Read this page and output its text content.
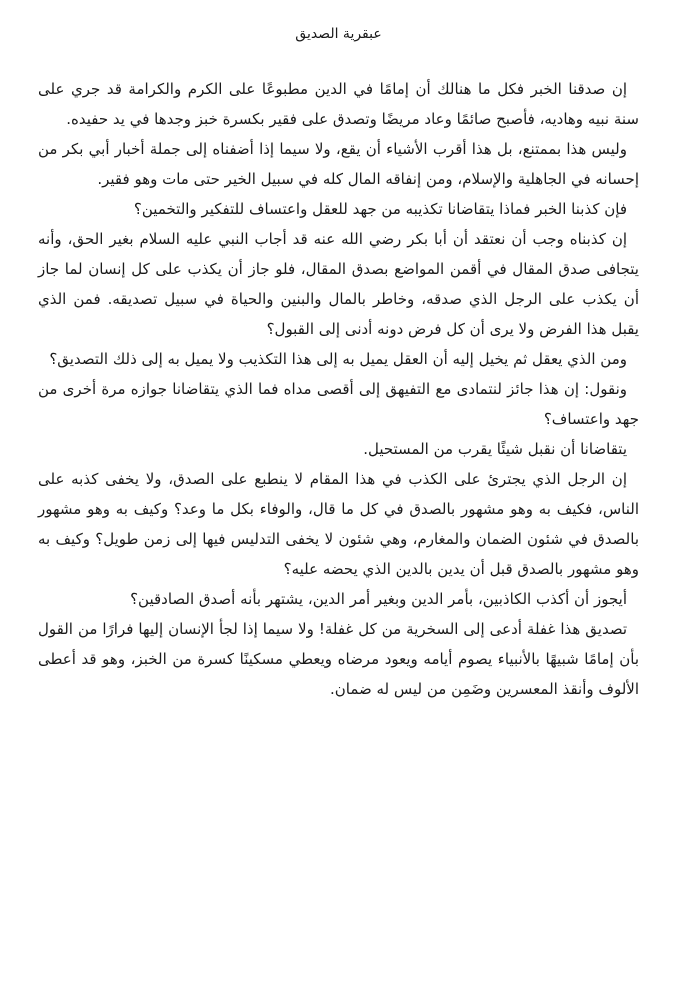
عبقرية الصديق

إن صدقنا الخبر فكل ما هنالك أن إمامًا في الدين مطبوعًا على الكرم والكرامة قد جري على سنة نبيه وهاديه، فأصبح صائمًا وعاد مريضًا وتصدق على فقير بكسرة خبز وجدها في يد حفيده.

وليس هذا بممتنع، بل هذا أقرب الأشياء أن يقع، ولا سيما إذا أضفناه إلى جملة أخبار أبي بكر من إحسانه في الجاهلية والإسلام، ومن إنفاقه المال كله في سبيل الخير حتى مات وهو فقير.

فإن كذبنا الخبر فماذا يتقاضانا تكذيبه من جهد للعقل واعتساف للتفكير والتخمين؟

إن كذبناه وجب أن نعتقد أن أبا بكر رضي الله عنه قد أجاب النبي عليه السلام بغير الحق، وأنه يتجافى صدق المقال في أقمن المواضع بصدق المقال، فلو جاز أن يكذب على كل إنسان لما جاز أن يكذب على الرجل الذي صدقه، وخاطر بالمال والبنين والحياة في سبيل تصديقه. فمن الذي يقبل هذا الفرض ولا يرى أن كل فرض دونه أدنى إلى القبول؟

ومن الذي يعقل ثم يخيل إليه أن العقل يميل به إلى هذا التكذيب ولا يميل به إلى ذلك التصديق؟

ونقول: إن هذا جائز لنتمادى مع التفيهق إلى أقصى مداه فما الذي يتقاضانا جوازه مرة أخرى من جهد واعتساف؟

يتقاضانا أن نقبل شيئًا يقرب من المستحيل.

إن الرجل الذي يجترئ على الكذب في هذا المقام لا ينطبع على الصدق، ولا يخفى كذبه على الناس، فكيف به وهو مشهور بالصدق في كل ما قال، والوفاء بكل ما وعد؟ وكيف به وهو مشهور بالصدق في شئون الضمان والمغارم، وهي شئون لا يخفى التدليس فيها إلى زمن طويل؟ وكيف به وهو مشهور بالصدق قبل أن يدين بالدين الذي يحضه عليه؟

أيجوز أن أكذب الكاذبين، بأمر الدين وبغير أمر الدين، يشتهر بأنه أصدق الصادقين؟

تصديق هذا غفلة أدعى إلى السخرية من كل غفلة! ولا سيما إذا لجأ الإنسان إليها فرارًا من القول بأن إمامًا شبيهًا بالأنبياء يصوم أيامه ويعود مرضاه ويعطي مسكينًا كسرة من الخبز، وهو قد أعطى الألوف وأنقذ المعسرين وضَمِن من ليس له ضمان.
